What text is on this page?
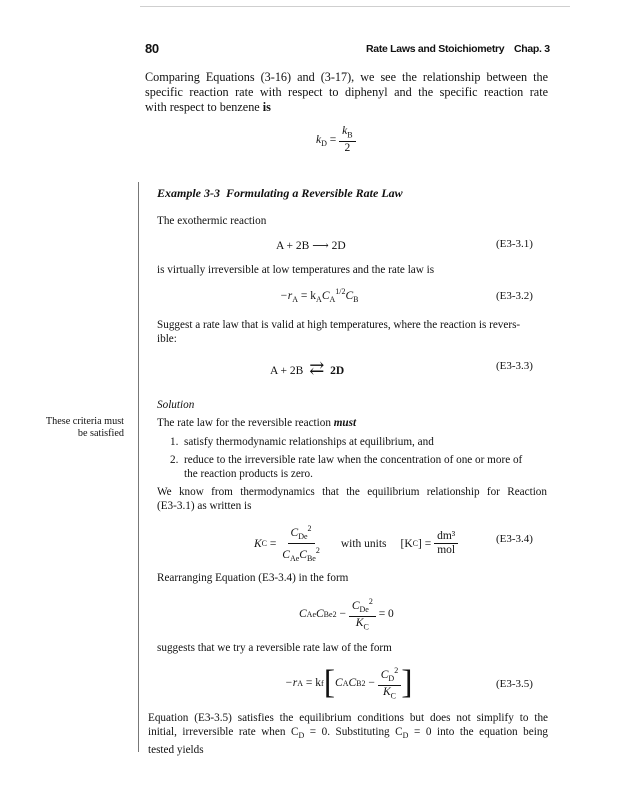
80	Rate Laws and Stoichiometry Chap. 3
Comparing Equations (3-16) and (3-17), we see the relationship between the
specific reaction rate with respect to diphenyl and the specific reaction rate
with respect to benzene is
$k_D = \frac{k_B}{2}$
Example 3-3 Formulating a Reversible Rate Law
The exothermic reaction
A + 2B ⟶ 2D	(E3-3.1)
is virtually irreversible at low temperatures and the rate law is
$-r_A = k_AC_A^{1/2}C_B$	(E3-3.2)
Suggest a rate law that is valid at high temperatures, where the reaction is revers-
ible:
A + 2B ⇄ 2D	(E3-3.3)
Solution
These criteria must
be satisfied
The rate law for the reversible reaction must
1. satisfy thermodynamic relationships at equilibrium, and
2. reduce to the irreversible rate law when the concentration of one or more of
the reaction products is zero.
We know from thermodynamics that the equilibrium relationship for Reaction
(E3-3.1) as written is
K C
=
$\frac{C_{De}^2}{C_{Ae}C_{Be}^2}$ with units [K C ] =
$\frac{\text{dm³}}{\text{mol}}$	(E3-3.4)
Rearranging Equation (E3-3.4) in the form
C Ae C Be 2
−
$\frac{C_{De}^2}{K_C}$
= 0
suggests that we try a reversible rate law of the form
−r A
= k f [ C A C B 2
−
$\frac{C_D^2}{K_C}$ ]	(E3-3.5)
Equation (E3-3.5) satisfies the equilibrium conditions but does not simplify to the
initial, irreversible rate when $C_D = 0$. Substituting $C_D = 0$ into the equation being
tested yields
